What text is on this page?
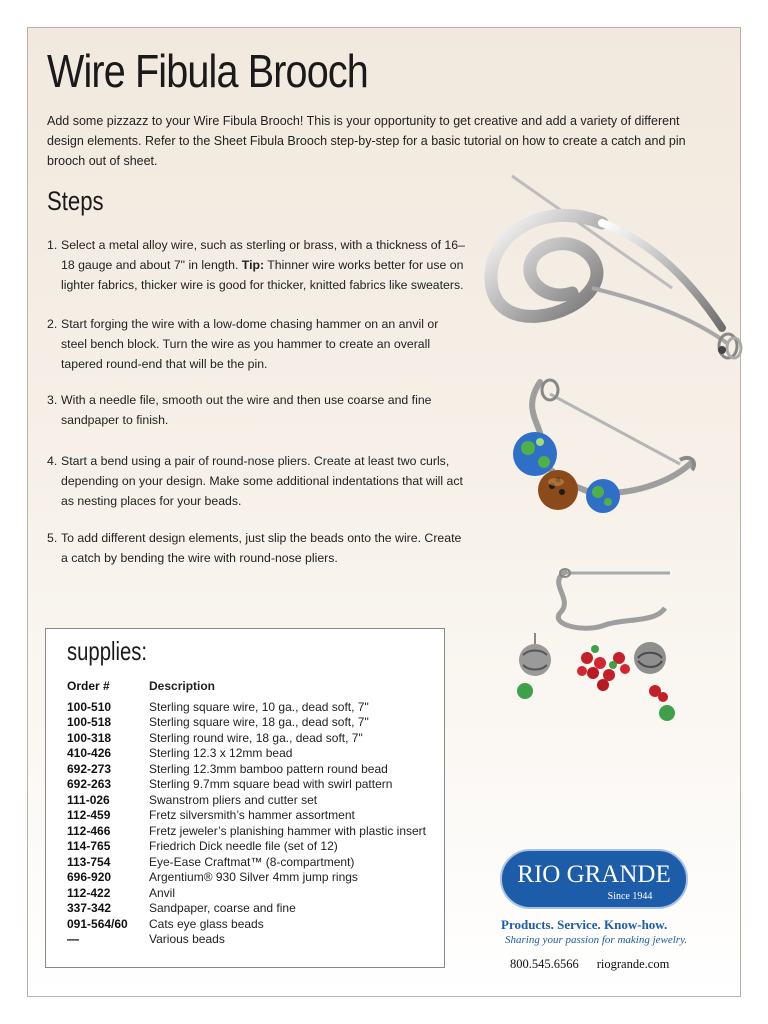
Wire Fibula Brooch

Add some pizzazz to your Wire Fibula Brooch! This is your opportunity to get creative and add a variety of different design elements. Refer to the Sheet Fibula Brooch step-by-step for a basic tutorial on how to create a catch and pin brooch out of sheet.

Steps
1. Select a metal alloy wire, such as sterling or brass, with a thickness of 16–18 gauge and about 7" in length. Tip: Thinner wire works better for use on lighter fabrics, thicker wire is good for thicker, knitted fabrics like sweaters.
2. Start forging the wire with a low-dome chasing hammer on an anvil or steel bench block. Turn the wire as you hammer to create an overall tapered round-end that will be the pin.
3. With a needle file, smooth out the wire and then use coarse and fine sandpaper to finish.
4. Start a bend using a pair of round-nose pliers. Create at least two curls, depending on your design. Make some additional indentations that will act as nesting places for your beads.
5. To add different design elements, just slip the beads onto the wire. Create a catch by bending the wire with round-nose pliers.
supplies:
Order #	Description
100-510	Sterling square wire, 10 ga., dead soft, 7"
100-518	Sterling square wire, 18 ga., dead soft, 7"
100-318	Sterling round wire, 18 ga., dead soft, 7"
410-426	Sterling 12.3 x 12mm bead
692-273	Sterling 12.3mm bamboo pattern round bead
692-263	Sterling 9.7mm square bead with swirl pattern
111-026	Swanstrom pliers and cutter set
112-459	Fretz silversmith’s hammer assortment
112-466	Fretz jeweler’s planishing hammer with plastic insert
114-765	Friedrich Dick needle file (set of 12)
113-754	Eye-Ease Craftmat™ (8-compartment)
696-920	Argentium® 930 Silver 4mm jump rings
112-422	Anvil
337-342	Sandpaper, coarse and fine
091-564/60	Cats eye glass beads
—	Various beads
RIO GRANDE
Since 1944
Products. Service. Know-how.
Sharing your passion for making jewelry.
800.545.6566 riogrande.com
